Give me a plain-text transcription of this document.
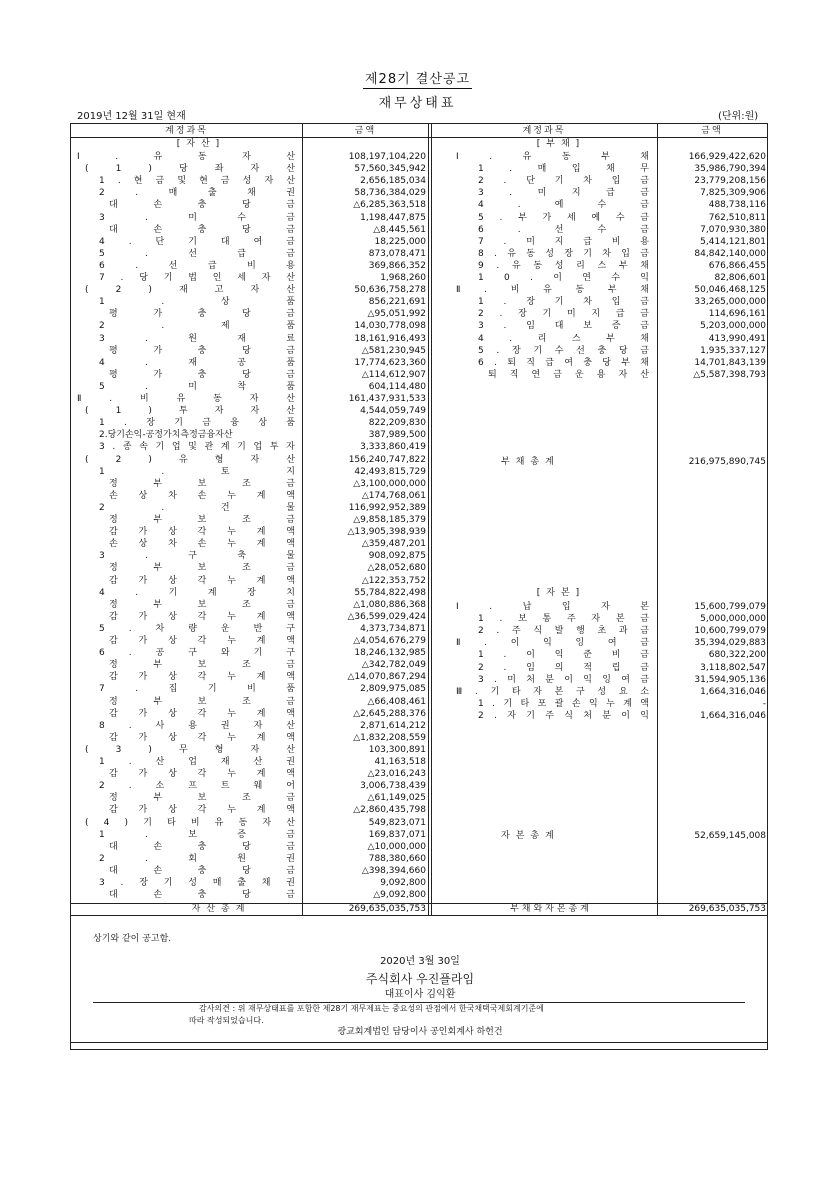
제28기 결산공고
재무상태표
2019년 12월 31일 현재	(단위:원)
계정과목	금액	계정과목	금액
[자산]	[부채]
[자본]
Ⅰ	.	유	동	자	산	108,197,104,220
(	1	)	당	좌	자	산	57,560,345,942
1 . 현 금 및 현 금 성 자 산	2,656,185,034
2	.	매	출	채	권	58,736,384,029
대	손	충	당	금	△6,285,363,518
3	.	미	수	금	1,198,447,875
대	손	충	당	금	△8,445,561
4	.	단	기	대	여	금	18,225,000
5	.	선	급	금	873,078,471
6	.	선	급	비	용	369,866,352
7 . 당 기 법 인 세 자 산	1,968,260
(	2	)	재	고	자	산	50,636,758,278
1	.	상	품	856,221,691
평	가	충	당	금	△95,051,992
2	.	제	품	14,030,778,098
3	.	원	재	료	18,161,916,493
평	가	충	당	금	△581,230,945
4	.	재	공	품	17,774,623,360
평	가	충	당	금	△114,612,907
5	.	미	착	품	604,114,480
Ⅱ	.	비	유	동	자	산	161,437,931,533
(	1	)	투	자	자	산	4,544,059,749
1 . 장 기 금 융 상 품	822,209,830
2.당기손익-공정가치측정금융자산	387,989,500
3 . 종 속 기 업 및 관 계 기 업 투 자	3,333,860,419
(	2	)	유	형	자	산	156,240,747,822
1	.	토	지	42,493,815,729
정	부	보	조	금	△3,100,000,000
손 상 차 손 누 계 액	△174,768,061
2	.	건	물	116,992,952,389
정	부	보	조	금	△9,858,185,379
감 가 상 각 누 계 액	△13,905,398,939
손 상 차 손 누 계 액	△359,487,201
3	.	구	축	물	908,092,875
정	부	보	조	금	△28,052,680
감 가 상 각 누 계 액	△122,353,752
4	.	기	계	장	치	55,784,822,498
정	부	보	조	금	△1,080,886,368
감 가 상 각 누 계 액	△36,599,029,424
5	.	차	량	운	반	구	4,373,734,871
감 가 상 각 누 계 액	△4,054,676,279
6	.	공	구	와	기	구	18,246,132,985
정	부	보	조	금	△342,782,049
감 가 상 각 누 계 액	△14,070,867,294
7	.	집	기	비	품	2,809,975,085
정	부	보	조	금	△66,408,461
감 가 상 각 누 계 액	△2,645,288,376
8	.	사	용	권	자	산	2,871,614,212
감 가 상 각 누 계 액	△1,832,208,559
(	3	)	무	형	자	산	103,300,891
1	.	산	업	재	산	권	41,163,518
감 가 상 각 누 계 액	△23,016,243
2	.	소	프	트	웨	어	3,006,738,439
정	부	보	조	금	△61,149,025
감 가 상 각 누 계 액	△2,860,435,798
( 4 ) 기 타 비 유 동 자 산	549,823,071
1	.	보	증	금	169,837,071
대	손	충	당	금	△10,000,000
2	.	회	원	권	788,380,660
대	손	충	당	금	△398,394,660
3 . 장 기 성 매 출 채 권	9,092,800
대	손	충	당	금	△9,092,800
Ⅰ	.	유	동	부	채	166,929,422,620
1	.	매	입	채	무	35,986,790,394
2 . 단 기 차 입 금	23,779,208,156
3	.	미	지	급	금	7,825,309,906
4	.	예	수	금	488,738,116
5 . 부 가 세 예 수 금	762,510,811
6	.	선	수	금	7,070,930,380
7 . 미 지 급 비 용	5,414,121,801
8 . 유 동 성 장 기 차 입 금	84,842,140,000
9 . 유 동 성 리 스 부 채	676,866,455
1 0 . 이 연 수 익	82,806,601
Ⅱ	.	비	유	동	부	채	50,046,468,125
1 . 장 기 차 입 금	33,265,000,000
2 . 장 기 미 지 급 금	114,696,161
3 . 임 대 보 증 금	5,203,000,000
4	.	리	스	부	채	413,990,491
5 . 장 기 수 선 충 당 금	1,935,337,127
6 . 퇴 직 급 여 충 당 부 채	14,701,843,139
퇴 직 연 금 운 용 자 산	△5,587,398,793
Ⅰ	.	납	입	자	본	15,600,799,079
1 . 보 통 주 자 본 금	5,000,000,000
2 . 주 식 발 행 초 과 금	10,600,799,079
Ⅱ	.	이	익	잉	여	금	35,394,029,883
1 . 이 익 준 비 금	680,322,200
2 . 임 의 적 립 금	3,118,802,547
3 . 미 처 분 이 익 잉 여 금	31,594,905,136
Ⅲ . 기 타 자 본 구 성 요 소	1,664,316,046
1 . 기 타 포 괄 손 익 누 계 액	-
2 . 자 기 주 식 처 분 이 익	1,664,316,046
부채총계	216,975,890,745
자본총계	52,659,145,008
자산총계	269,635,035,753	부채와자본총계	269,635,035,753
상기와 같이 공고함.
2020년 3월 30일
주식회사 우진플라임
대표이사 김익환
감사의견 : 위 재무상태표를 포함한 제28기 재무제표는 중요성의 관점에서 한국채택국제회계기준에
따라 작성되었습니다.
광교회계법인 담당이사 공인회계사 하헌건
